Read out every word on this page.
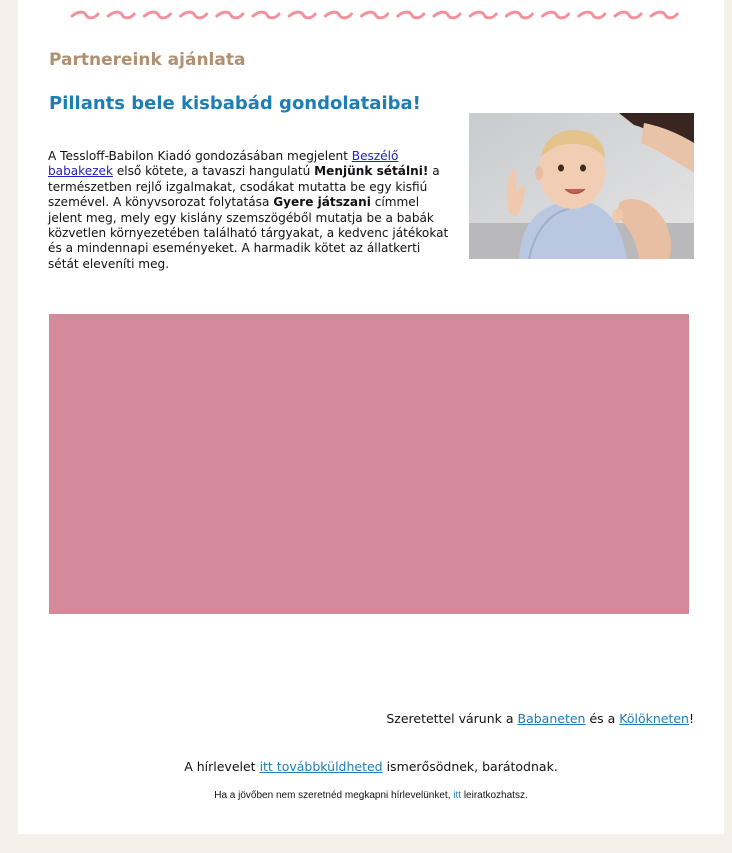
Partnereink ajánlata
Pillants bele kisbabád gondolataiba!
A Tessloff-Babilon Kiadó gondozásában megjelent Beszélő babakezek első kötete, a tavaszi hangulatú Menjünk sétálni! a természetben rejlő izgalmakat, csodákat mutatta be egy kisfiú szemével. A könyvsorozat folytatása Gyere játszani címmel jelent meg, mely egy kislány szemszögéből mutatja be a babák közvetlen környezetében található tárgyakat, a kedvenc játékokat és a mindennapi eseményeket. A harmadik kötet az állatkerti sétát eleveníti meg.
Szeretettel várunk a Babaneten és a Kölökneten!
A hírlevelet itt továbbküldheted ismerősödnek, barátodnak.
Ha a jövőben nem szeretnéd megkapni hírlevelünket, itt leiratkozhatsz.
